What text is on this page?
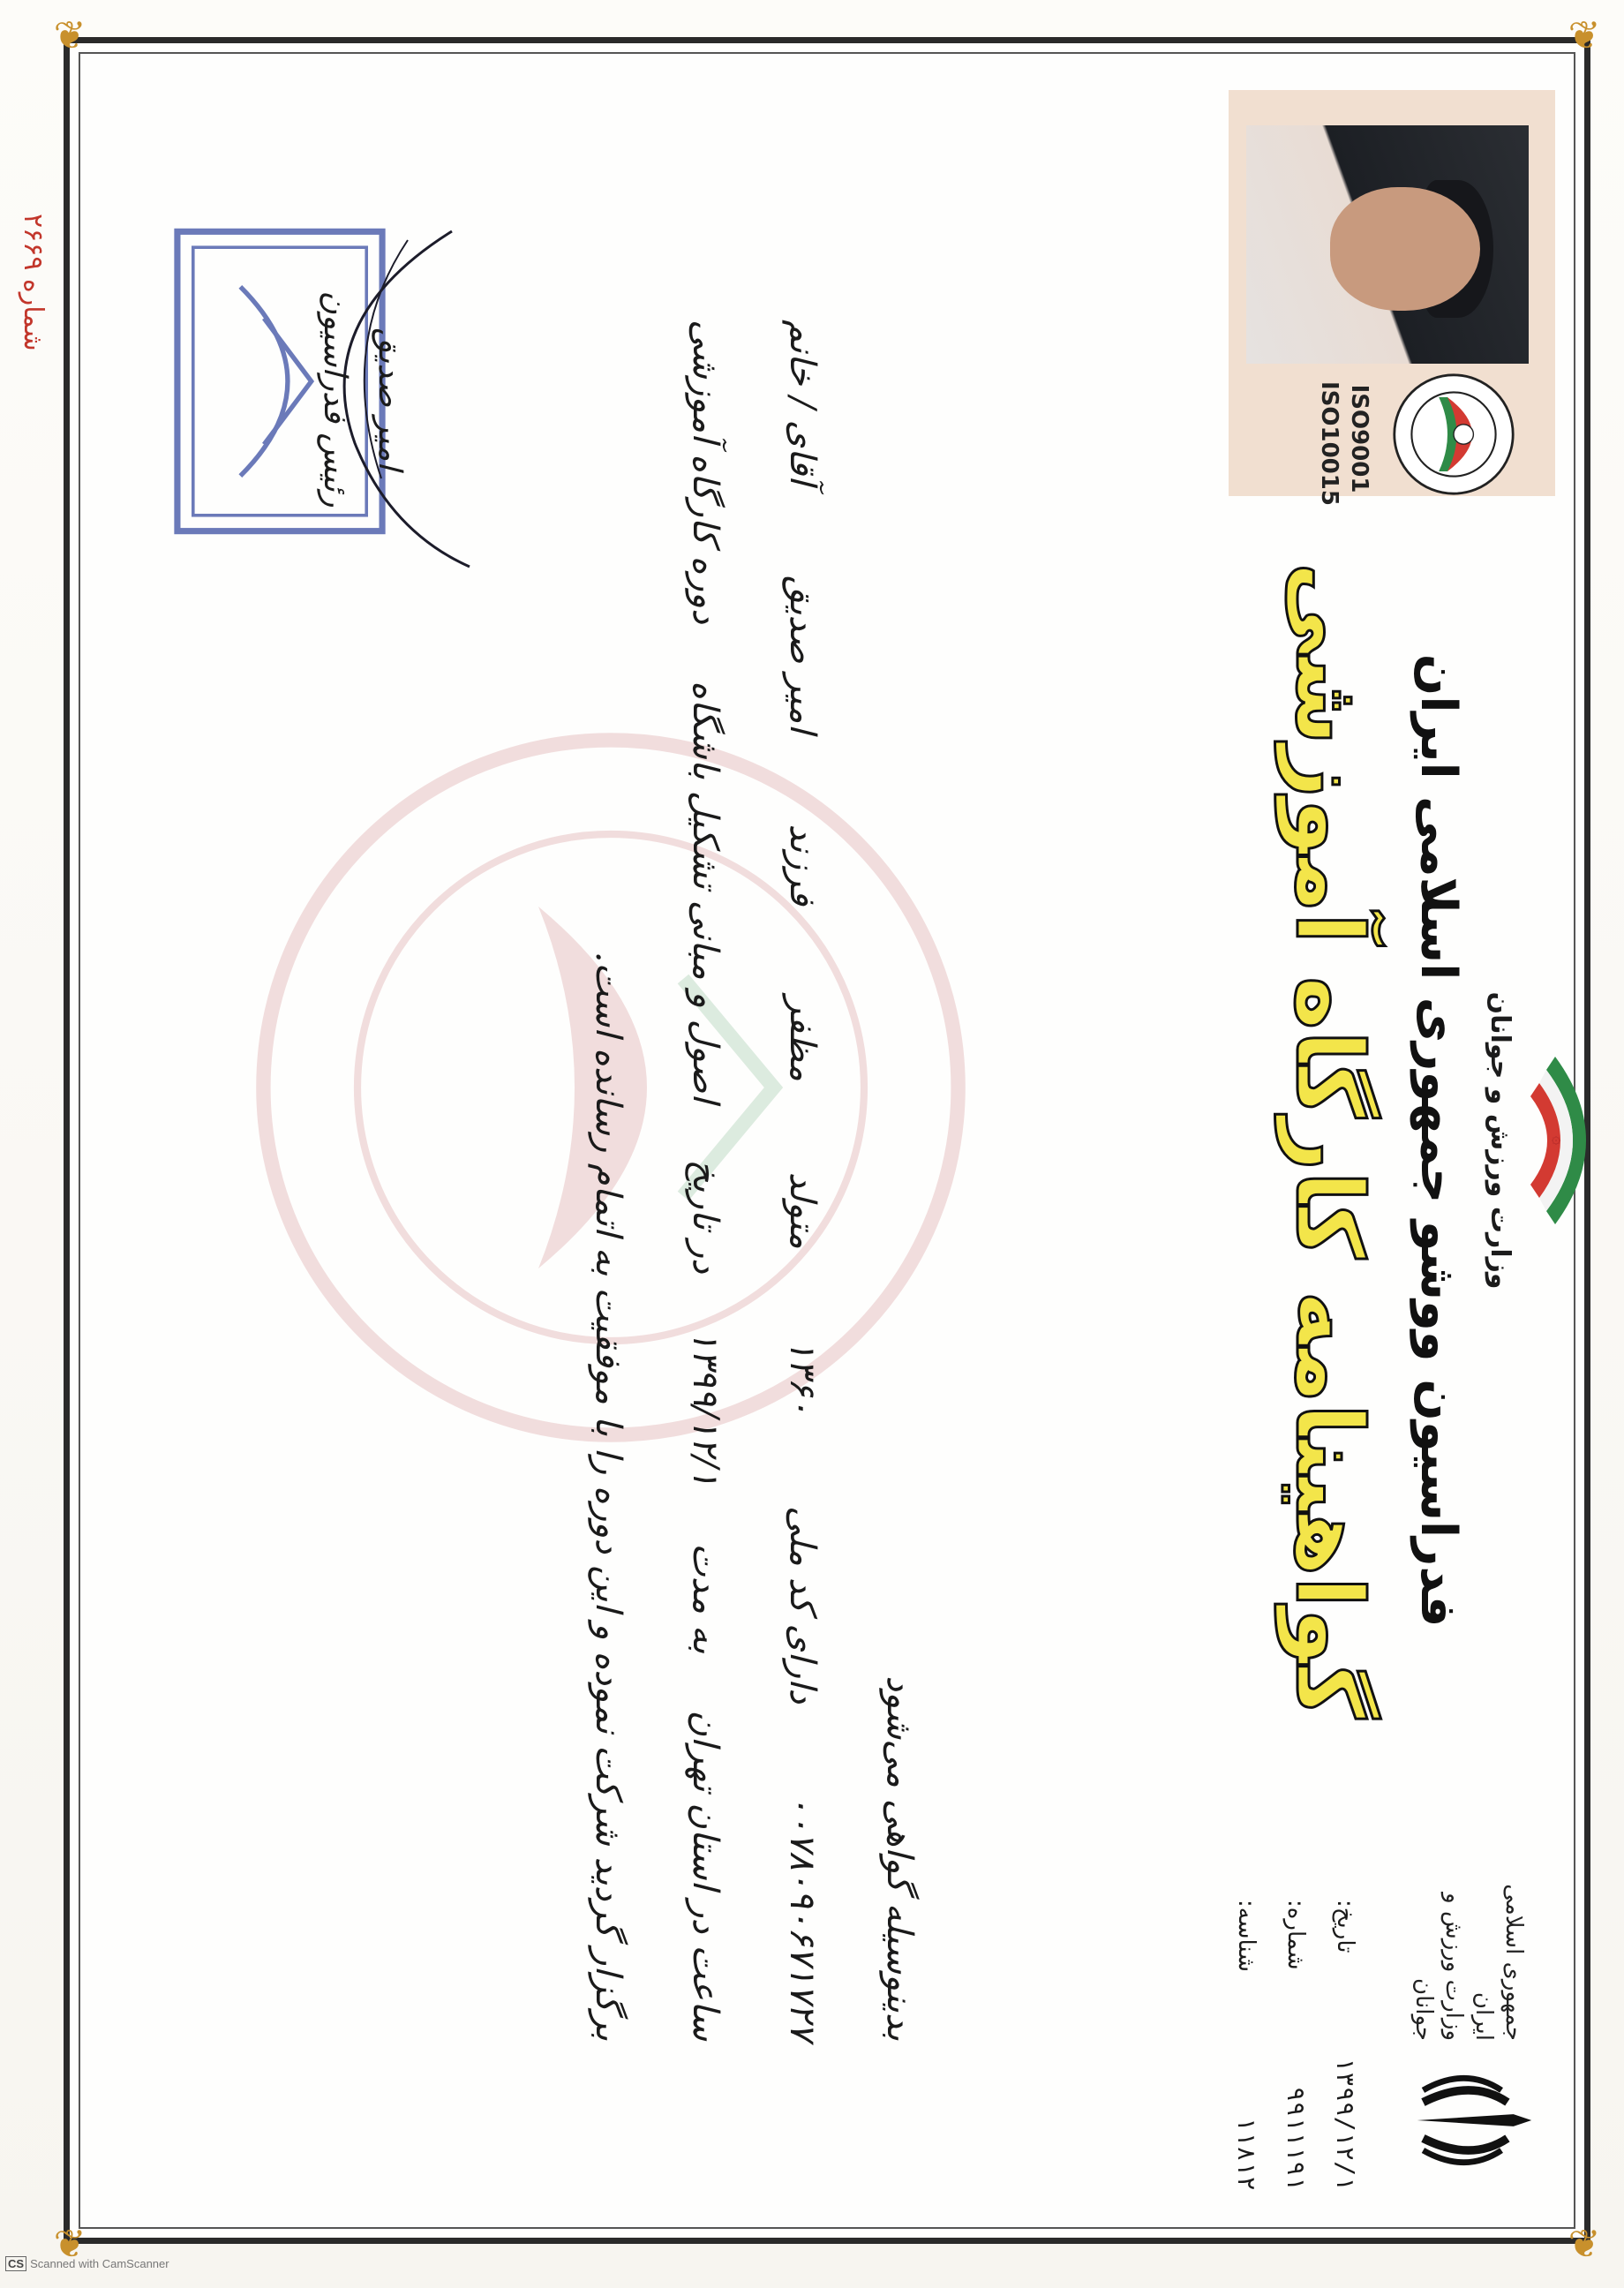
❦	❦
❦	❦
شماره ۲۶۶۹
۞
جمهوری اسلامی ایران
وزارت ورزش و جوانان
تاریخ:
۱۳۹۹/۱۲/۱
شماره:
۹۹۱۱۱۹۱
شناسه:
۱۱۸۱۲
وزارت ورزش و جوانان
فدراسیون ووشو جمهوری اسلامی ایران
گواهینامه کارگاه آموزشی
ISO9001
ISO10015
بدینوسیله گواهی می‌شود
آقای / خانم
امیر صدیق
فرزند
مظفر
متولد
۱۳۶۰
دارای کد ملی
۰۰۷۸۰۹۰۶۷۱۷۲۷
دوره کارگاه آموزشی
اصول و مبانی تشکیل باشگاه
در تاریخ
۱۳۹۹/۱۲/۱
به مدت
ساعت در استان تهران
برگزار گردید شرکت نموده و این دوره را با موفقیت به اتمام رسانده است.
امیر صدیق
رئیس فدراسیون
CS Scanned with CamScanner
